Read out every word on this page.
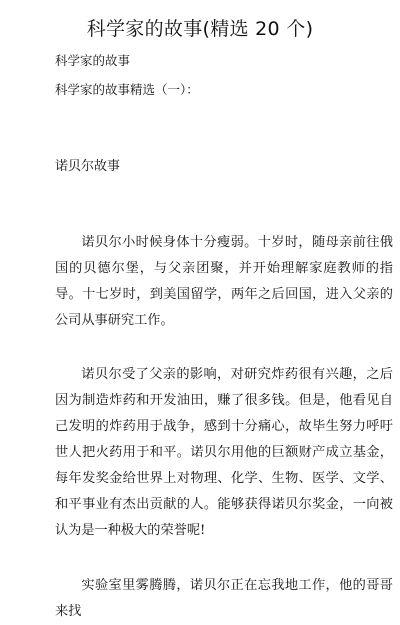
科学家的故事(精选 20 个)
科学家的故事
科学家的故事精选（一）：
诺贝尔故事

诺贝尔小时候身体十分瘦弱。十岁时，随母亲前往俄国的贝德尔堡，与父亲团聚，并开始理解家庭教师的指导。十七岁时，到美国留学，两年之后回国，进入父亲的公司从事研究工作。

诺贝尔受了父亲的影响，对研究炸药很有兴趣，之后因为制造炸药和开发油田，赚了很多钱。但是，他看见自己发明的炸药用于战争，感到十分痛心，故毕生努力呼吁世人把火药用于和平。诺贝尔用他的巨额财产成立基金，每年发奖金给世界上对物理、化学、生物、医学、文学、和平事业有杰出贡献的人。能够获得诺贝尔奖金，一向被认为是一种极大的荣誉呢!

实验室里雾腾腾，诺贝尔正在忘我地工作，他的哥哥来找
